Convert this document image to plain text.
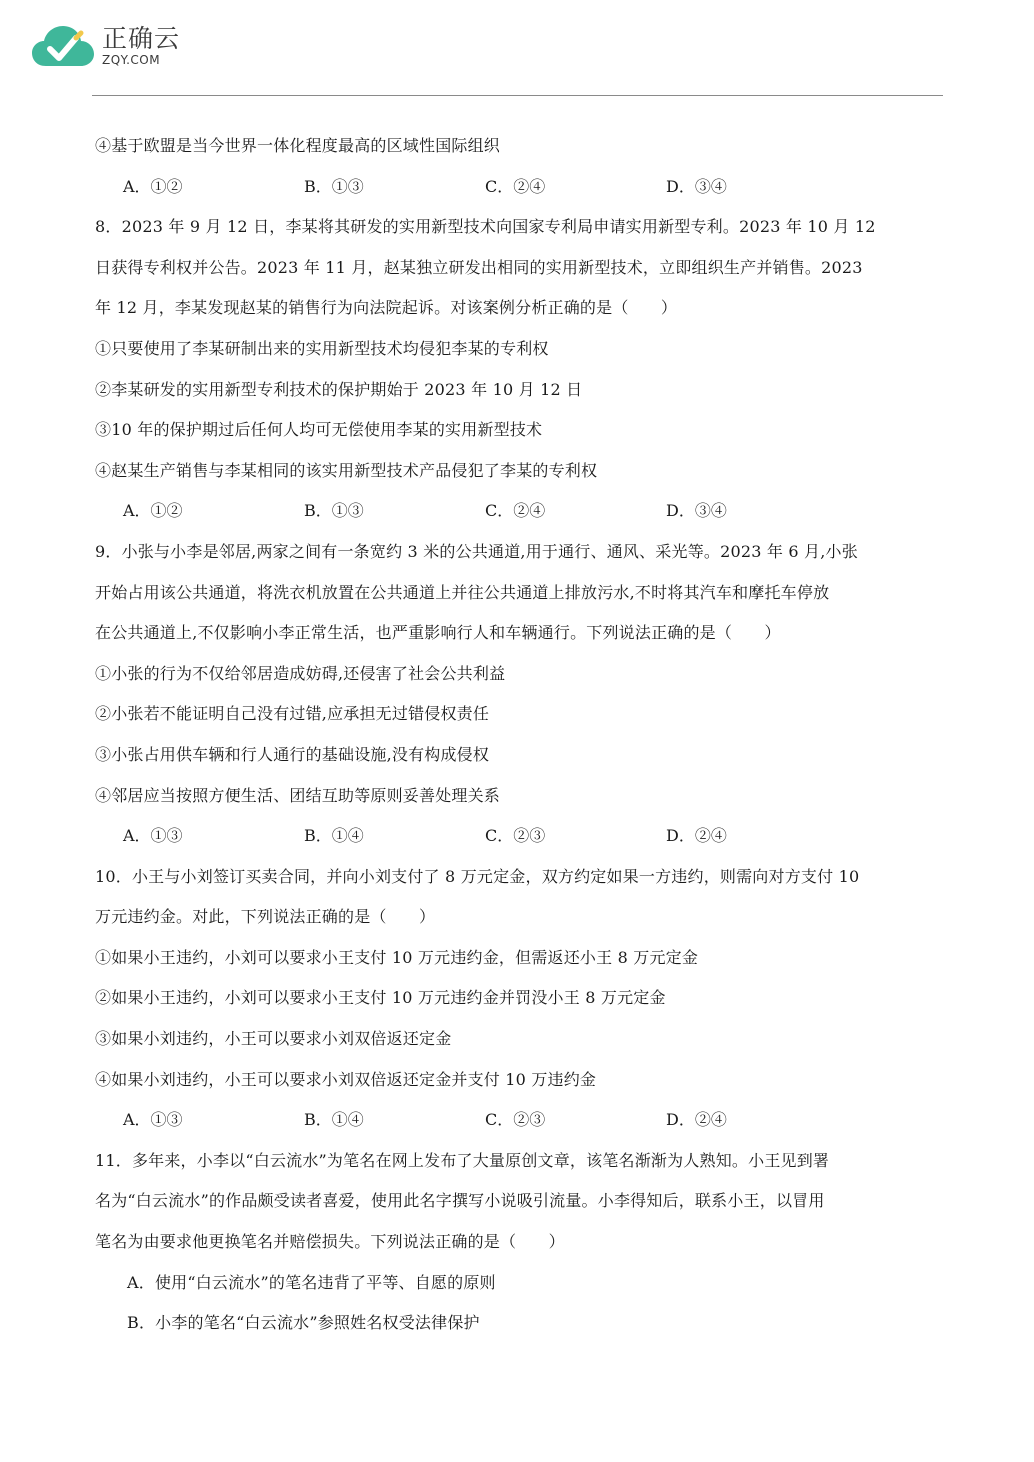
正确云
ZQY.COM
④基于欧盟是当今世界一体化程度最高的区域性国际组织
A．①②	B．①③	C．②④	D．③④
8．2023 年 9 月 12 日，李某将其研发的实用新型技术向国家专利局申请实用新型专利。2023 年 10 月 12
日获得专利权并公告。2023 年 11 月，赵某独立研发出相同的实用新型技术，立即组织生产并销售。2023
年 12 月，李某发现赵某的销售行为向法院起诉。对该案例分析正确的是（　　）
①只要使用了李某研制出来的实用新型技术均侵犯李某的专利权
②李某研发的实用新型专利技术的保护期始于 2023 年 10 月 12 日
③10 年的保护期过后任何人均可无偿使用李某的实用新型技术
④赵某生产销售与李某相同的该实用新型技术产品侵犯了李某的专利权
A．①②	B．①③	C．②④	D．③④
9．小张与小李是邻居,两家之间有一条宽约 3 米的公共通道,用于通行、通风、采光等。2023 年 6 月,小张
开始占用该公共通道，将洗衣机放置在公共通道上并往公共通道上排放污水,不时将其汽车和摩托车停放
在公共通道上,不仅影响小李正常生活，也严重影响行人和车辆通行。下列说法正确的是（　　）
①小张的行为不仅给邻居造成妨碍,还侵害了社会公共利益
②小张若不能证明自己没有过错,应承担无过错侵权责任
③小张占用供车辆和行人通行的基础设施,没有构成侵权
④邻居应当按照方便生活、团结互助等原则妥善处理关系
A．①③	B．①④	C．②③	D．②④
10．小王与小刘签订买卖合同，并向小刘支付了 8 万元定金，双方约定如果一方违约，则需向对方支付 10
万元违约金。对此，下列说法正确的是（　　）
①如果小王违约，小刘可以要求小王支付 10 万元违约金，但需返还小王 8 万元定金
②如果小王违约，小刘可以要求小王支付 10 万元违约金并罚没小王 8 万元定金
③如果小刘违约，小王可以要求小刘双倍返还定金
④如果小刘违约，小王可以要求小刘双倍返还定金并支付 10 万违约金
A．①③	B．①④	C．②③	D．②④
11．多年来，小李以“白云流水”为笔名在网上发布了大量原创文章，该笔名渐渐为人熟知。小王见到署
名为“白云流水”的作品颇受读者喜爱，使用此名字撰写小说吸引流量。小李得知后，联系小王，以冒用
笔名为由要求他更换笔名并赔偿损失。下列说法正确的是（　　）
A．使用“白云流水”的笔名违背了平等、自愿的原则
B．小李的笔名“白云流水”参照姓名权受法律保护
